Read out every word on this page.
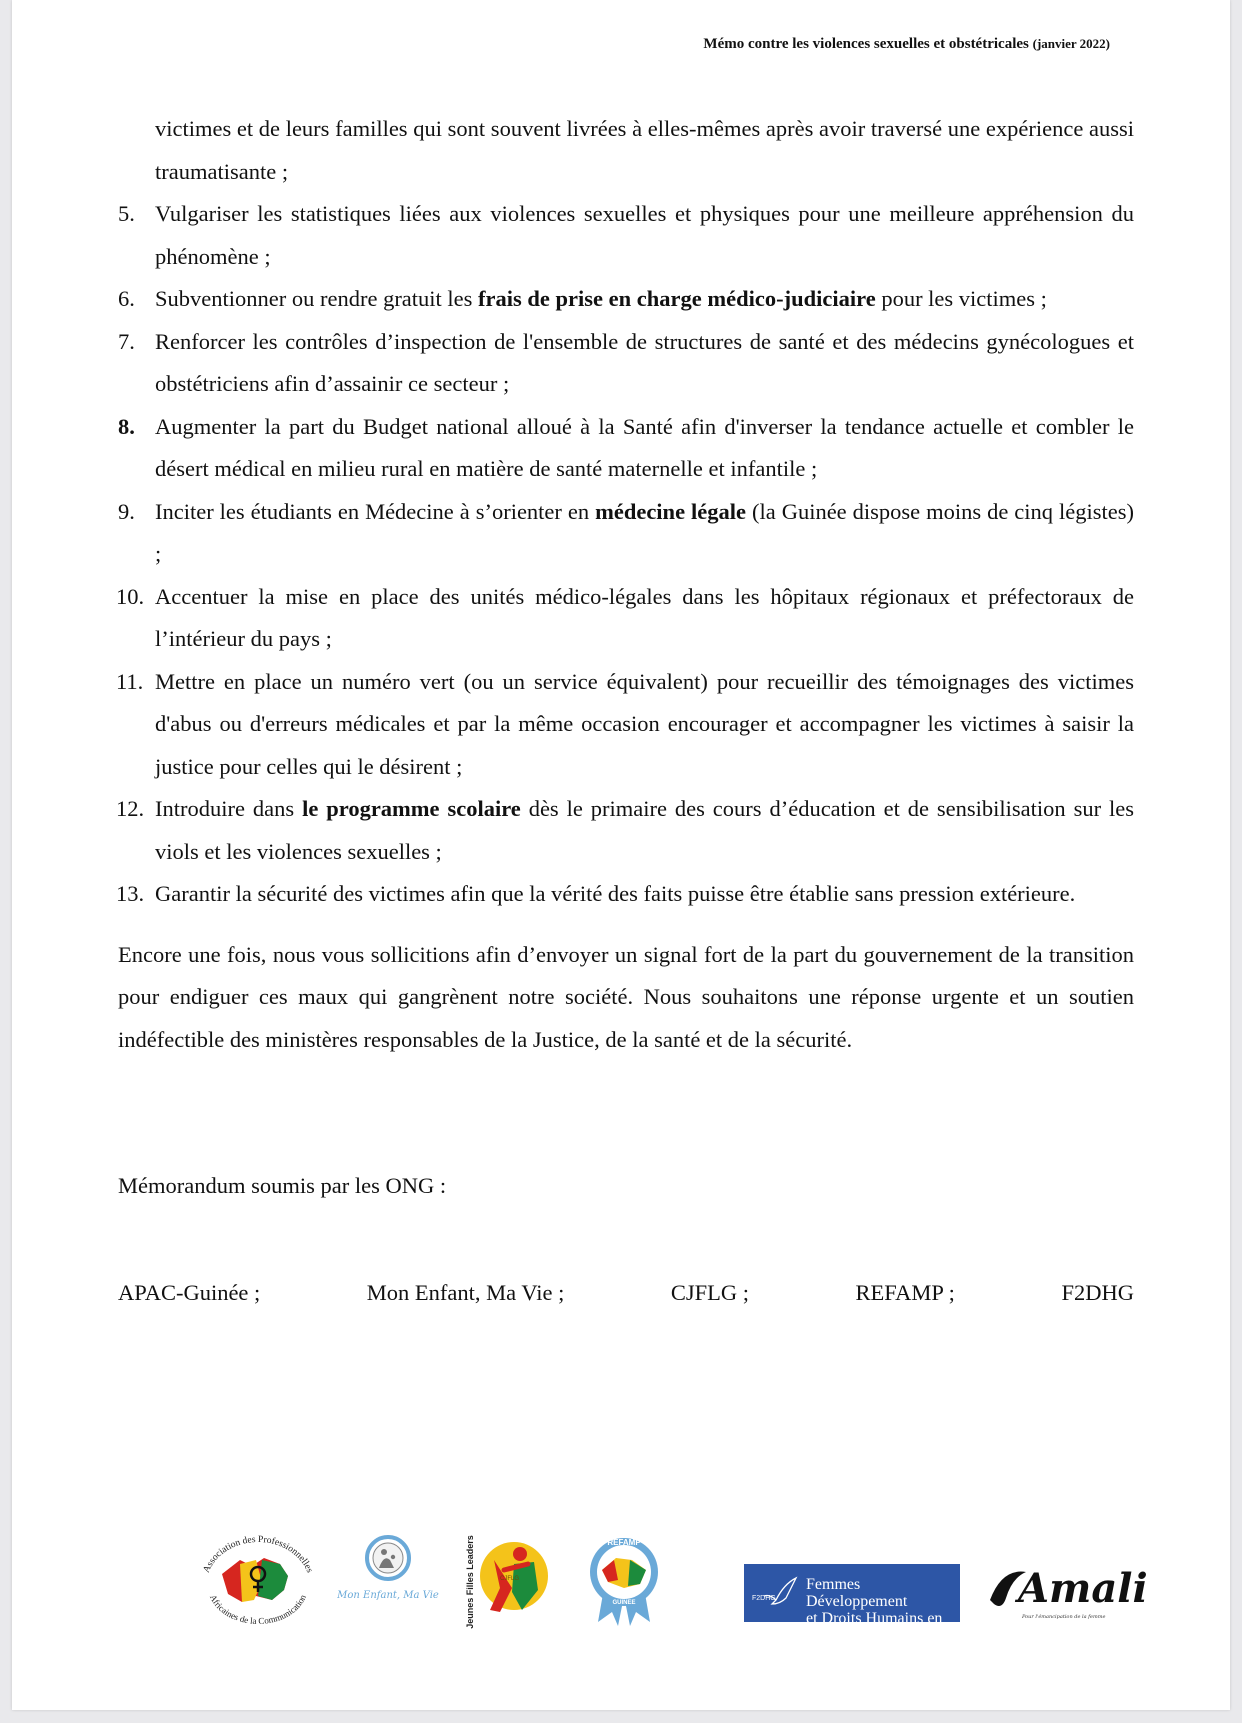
Mémo contre les violences sexuelles et obstétricales (janvier 2022)
victimes et de leurs familles qui sont souvent livrées à elles-mêmes après avoir traversé une expérience aussi traumatisante ;
5. Vulgariser les statistiques liées aux violences sexuelles et physiques pour une meilleure appréhension du phénomène ;
6. Subventionner ou rendre gratuit les frais de prise en charge médico-judiciaire pour les victimes ;
7. Renforcer les contrôles d’inspection de l'ensemble de structures de santé et des médecins gynécologues et obstétriciens afin d’assainir ce secteur ;
8. Augmenter la part du Budget national alloué à la Santé afin d'inverser la tendance actuelle et combler le désert médical en milieu rural en matière de santé maternelle et infantile ;
9. Inciter les étudiants en Médecine à s’orienter en médecine légale (la Guinée dispose moins de cinq légistes) ;
10. Accentuer la mise en place des unités médico-légales dans les hôpitaux régionaux et préfectoraux de l’intérieur du pays ;
11. Mettre en place un numéro vert (ou un service équivalent) pour recueillir des témoignages des victimes d'abus ou d'erreurs médicales et par la même occasion encourager et accompagner les victimes à saisir la justice pour celles qui le désirent ;
12. Introduire dans le programme scolaire dès le primaire des cours d’éducation et de sensibilisation sur les viols et les violences sexuelles ;
13. Garantir la sécurité des victimes afin que la vérité des faits puisse être établie sans pression extérieure.
Encore une fois, nous vous sollicitions afin d’envoyer un signal fort de la part du gouvernement de la transition pour endiguer ces maux qui gangrènent notre société. Nous souhaitons une réponse urgente et un soutien indéfectible des ministères responsables de la Justice, de la santé et de la sécurité.
Mémorandum soumis par les ONG :
APAC-Guinée ;	Mon Enfant, Ma Vie ;	CJFLG ;	REFAMP ;	F2DHG
Association des Professionnelles
Africaines de la Communication	Mon Enfant, Ma Vie	Jeunes Filles Leaders	CJFLG
REFAMP
GUINEE
F2DHG
Femmes Développement
et Droits Humains en Guinée
Amali
Pour l'émancipation de la femme
